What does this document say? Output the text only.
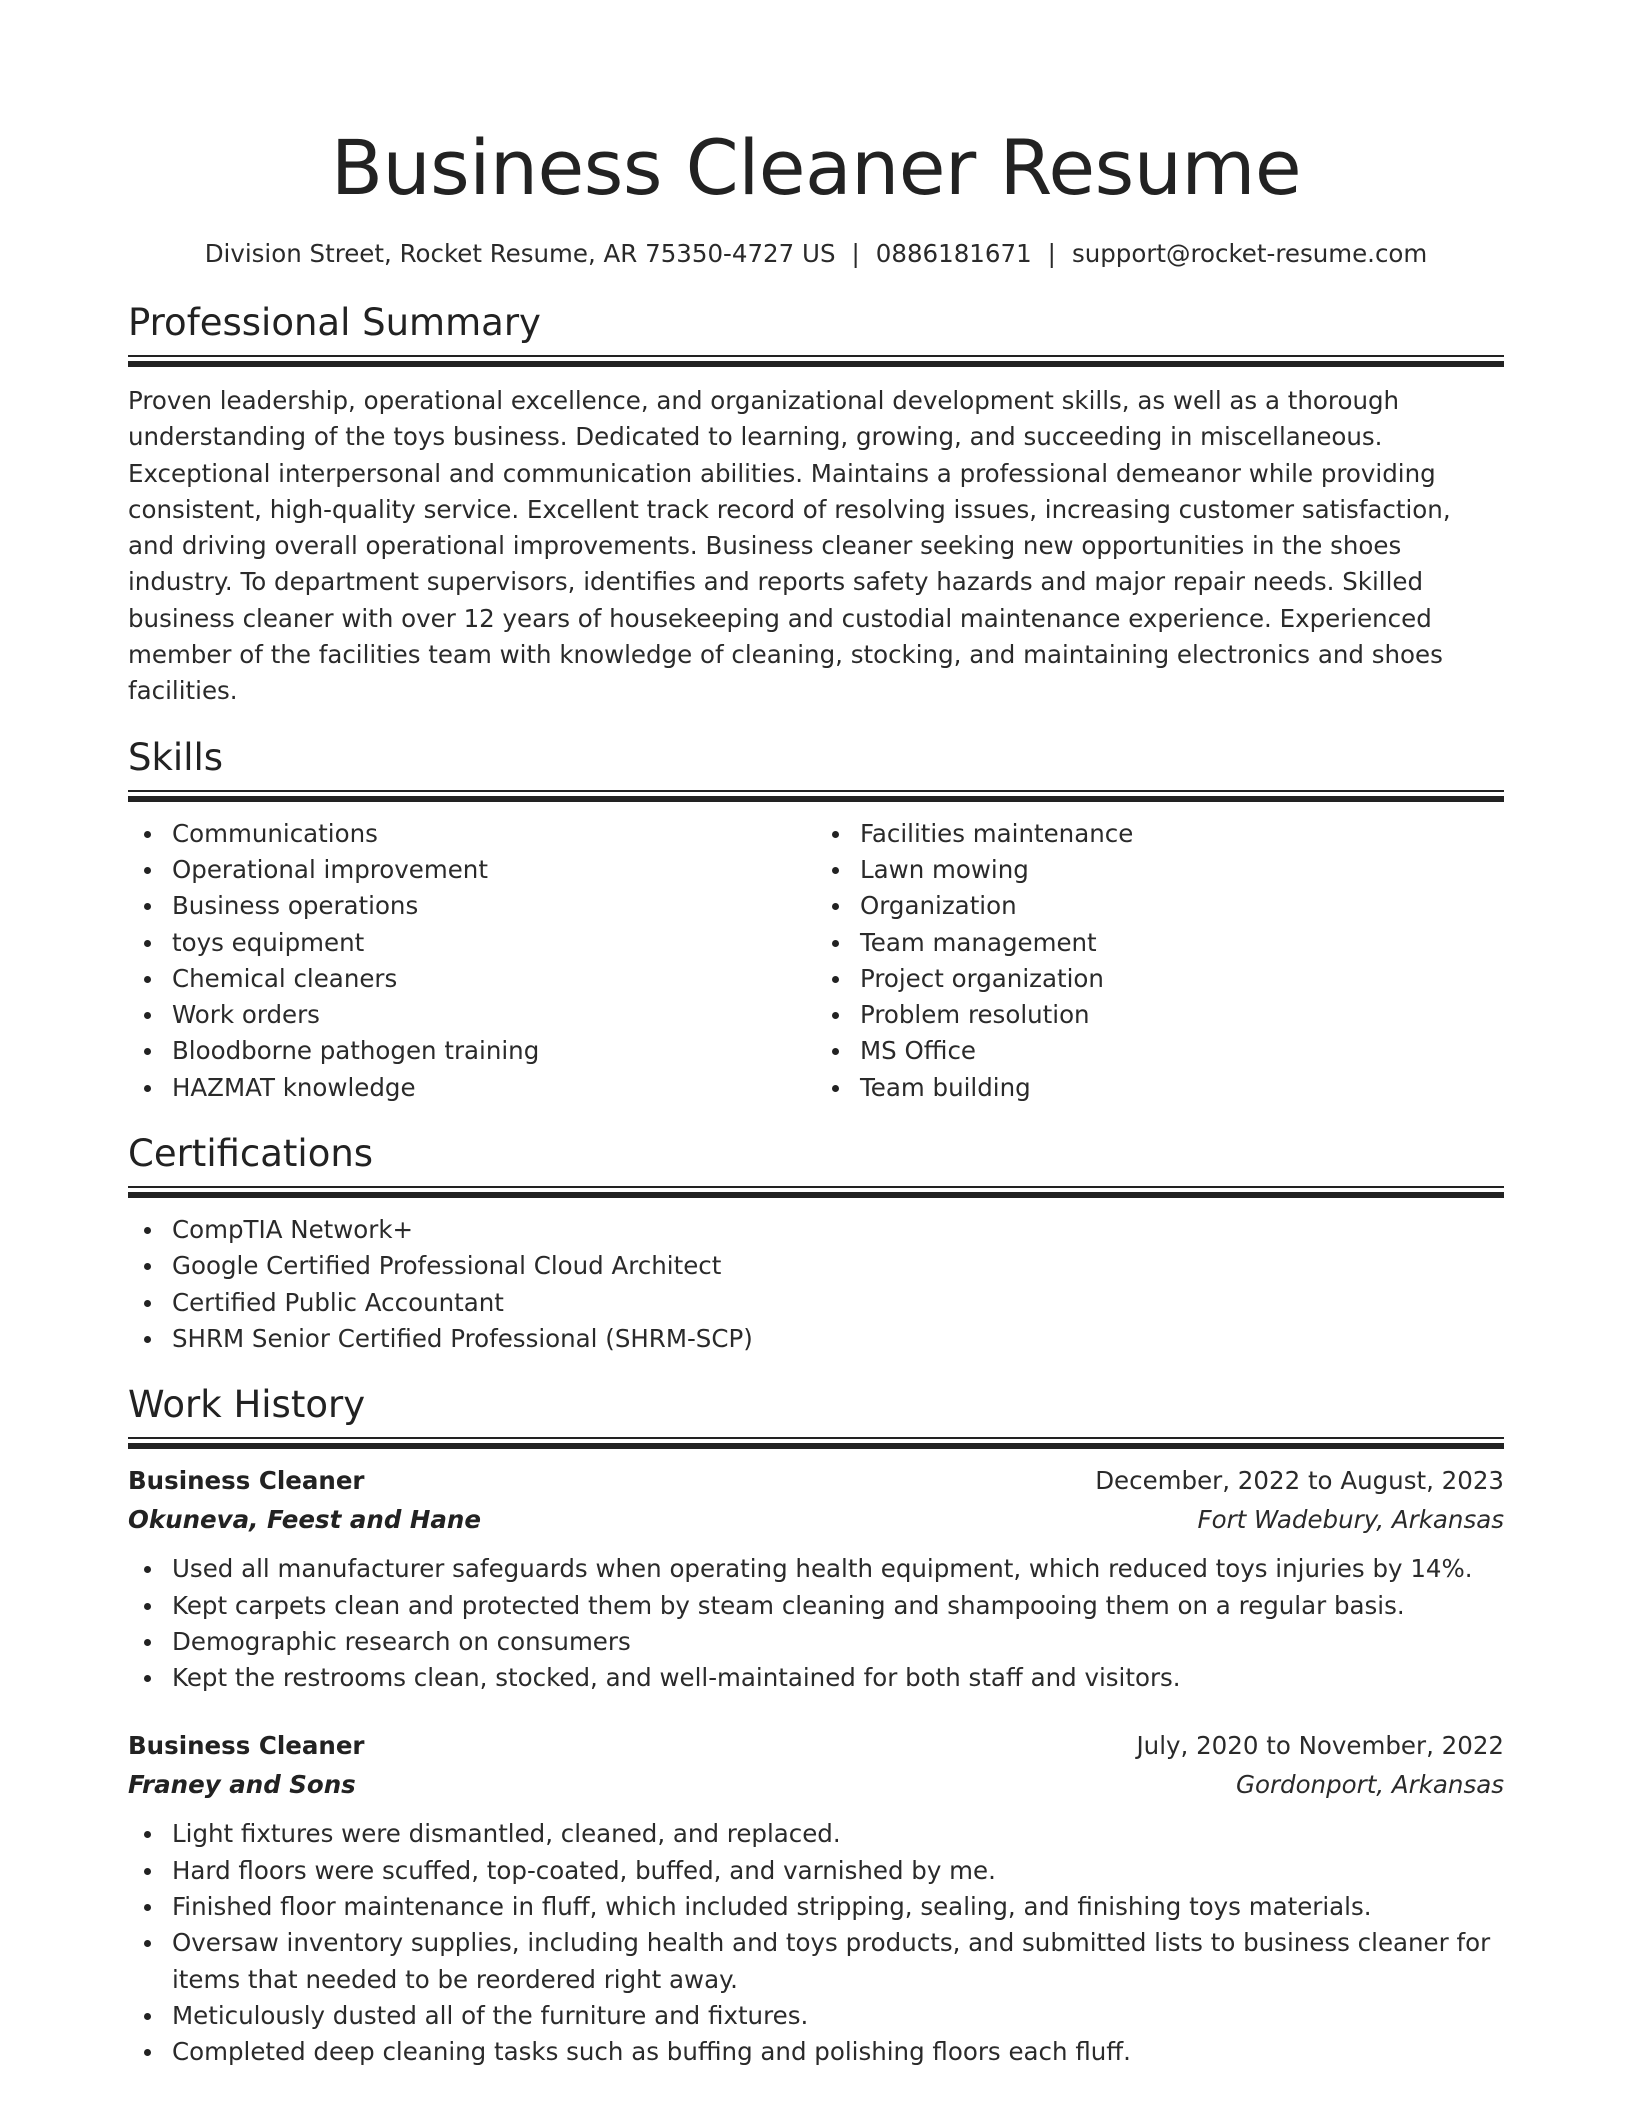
Business Cleaner Resume
Division Street, Rocket Resume, AR 75350-4727 US | 0886181671 | support@rocket-resume.com
Professional Summary
Proven leadership, operational excellence, and organizational development skills, as well as a thorough understanding of the toys business. Dedicated to learning, growing, and succeeding in miscellaneous. Exceptional interpersonal and communication abilities. Maintains a professional demeanor while providing consistent, high-quality service. Excellent track record of resolving issues, increasing customer satisfaction, and driving overall operational improvements. Business cleaner seeking new opportunities in the shoes industry. To department supervisors, identifies and reports safety hazards and major repair needs. Skilled business cleaner with over 12 years of housekeeping and custodial maintenance experience. Experienced member of the facilities team with knowledge of cleaning, stocking, and maintaining electronics and shoes facilities.
Skills
Communications
Operational improvement
Business operations
toys equipment
Chemical cleaners
Work orders
Bloodborne pathogen training
HAZMAT knowledge
Facilities maintenance
Lawn mowing
Organization
Team management
Project organization
Problem resolution
MS Office
Team building
Certifications
CompTIA Network+
Google Certified Professional Cloud Architect
Certified Public Accountant
SHRM Senior Certified Professional (SHRM-SCP)
Work History
Business Cleaner	December, 2022 to August, 2023
Okuneva, Feest and Hane	Fort Wadebury, Arkansas
Used all manufacturer safeguards when operating health equipment, which reduced toys injuries by 14%.
Kept carpets clean and protected them by steam cleaning and shampooing them on a regular basis.
Demographic research on consumers
Kept the restrooms clean, stocked, and well-maintained for both staff and visitors.
Business Cleaner	July, 2020 to November, 2022
Franey and Sons	Gordonport, Arkansas
Light fixtures were dismantled, cleaned, and replaced.
Hard floors were scuffed, top-coated, buffed, and varnished by me.
Finished floor maintenance in fluff, which included stripping, sealing, and finishing toys materials.
Oversaw inventory supplies, including health and toys products, and submitted lists to business cleaner for items that needed to be reordered right away.
Meticulously dusted all of the furniture and fixtures.
Completed deep cleaning tasks such as buffing and polishing floors each fluff.
